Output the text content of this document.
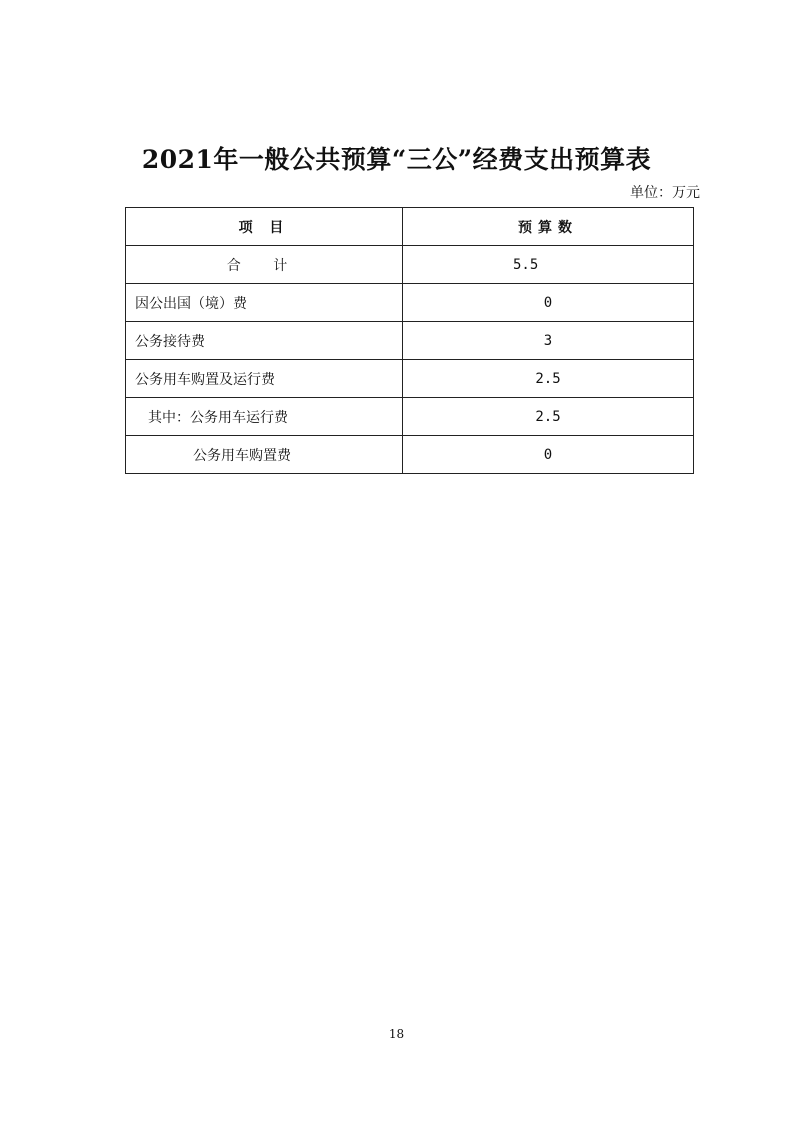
2021年一般公共预算“三公”经费支出预算表
单位：万元
项 目	预算数
合 计	5.5
因公出国（境）费	0
公务接待费	3
公务用车购置及运行费	2.5
其中：公务用车运行费	2.5
公务用车购置费	0
18
